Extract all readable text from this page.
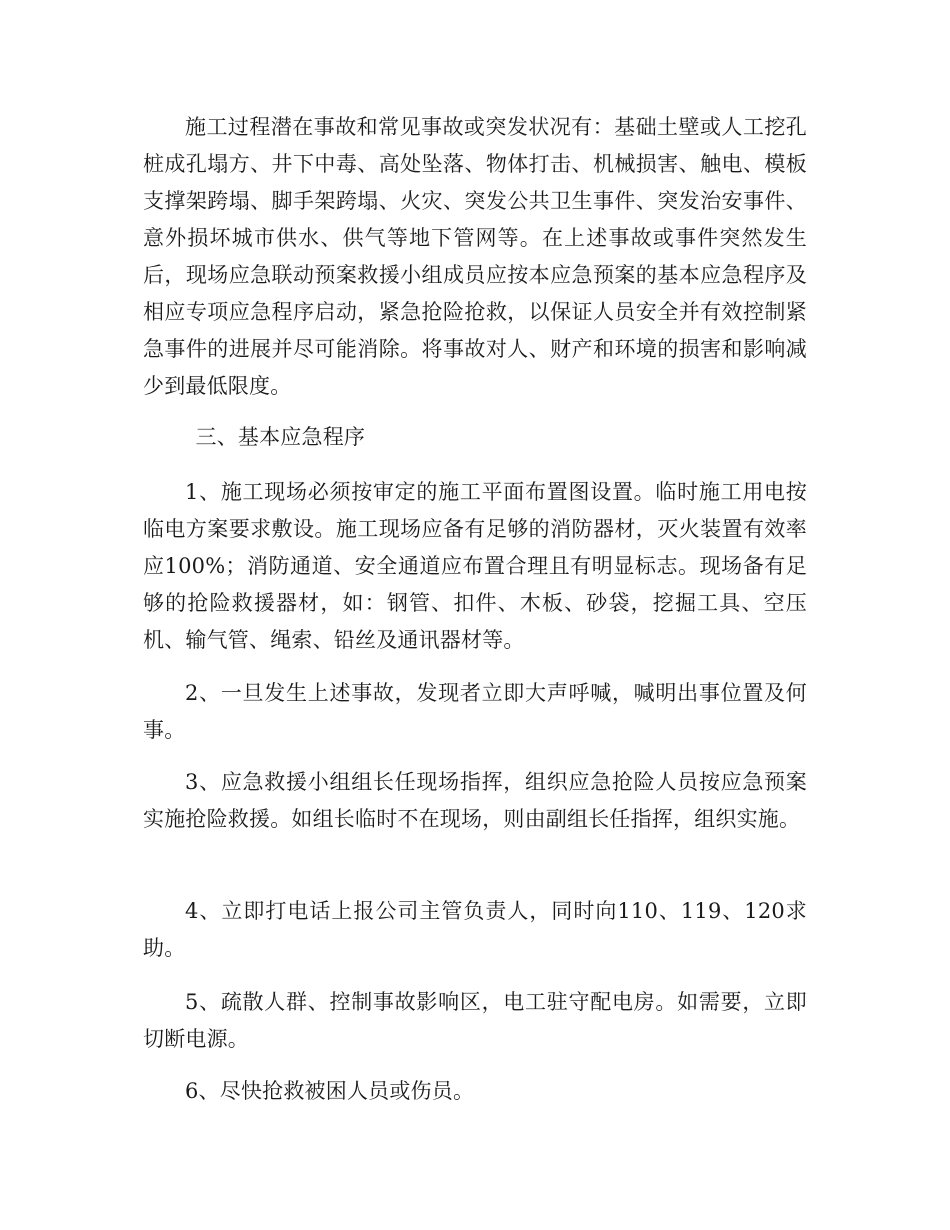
施工过程潜在事故和常见事故或突发状况有：基础土壁或人工挖孔桩成孔塌方、井下中毒、高处坠落、物体打击、机械损害、触电、模板支撑架跨塌、脚手架跨塌、火灾、突发公共卫生事件、突发治安事件、意外损坏城市供水、供气等地下管网等。在上述事故或事件突然发生后，现场应急联动预案救援小组成员应按本应急预案的基本应急程序及相应专项应急程序启动，紧急抢险抢救，以保证人员安全并有效控制紧急事件的进展并尽可能消除。将事故对人、财产和环境的损害和影响减少到最低限度。

三、基本应急程序

1、施工现场必须按审定的施工平面布置图设置。临时施工用电按临电方案要求敷设。施工现场应备有足够的消防器材，灭火装置有效率应100%；消防通道、安全通道应布置合理且有明显标志。现场备有足够的抢险救援器材，如：钢管、扣件、木板、砂袋，挖掘工具、空压机、输气管、绳索、铅丝及通讯器材等。

2、一旦发生上述事故，发现者立即大声呼喊，喊明出事位置及何事。

3、应急救援小组组长任现场指挥，组织应急抢险人员按应急预案实施抢险救援。如组长临时不在现场，则由副组长任指挥，组织实施。

4、立即打电话上报公司主管负责人，同时向110、119、120求助。

5、疏散人群、控制事故影响区，电工驻守配电房。如需要，立即切断电源。

6、尽快抢救被困人员或伤员。
